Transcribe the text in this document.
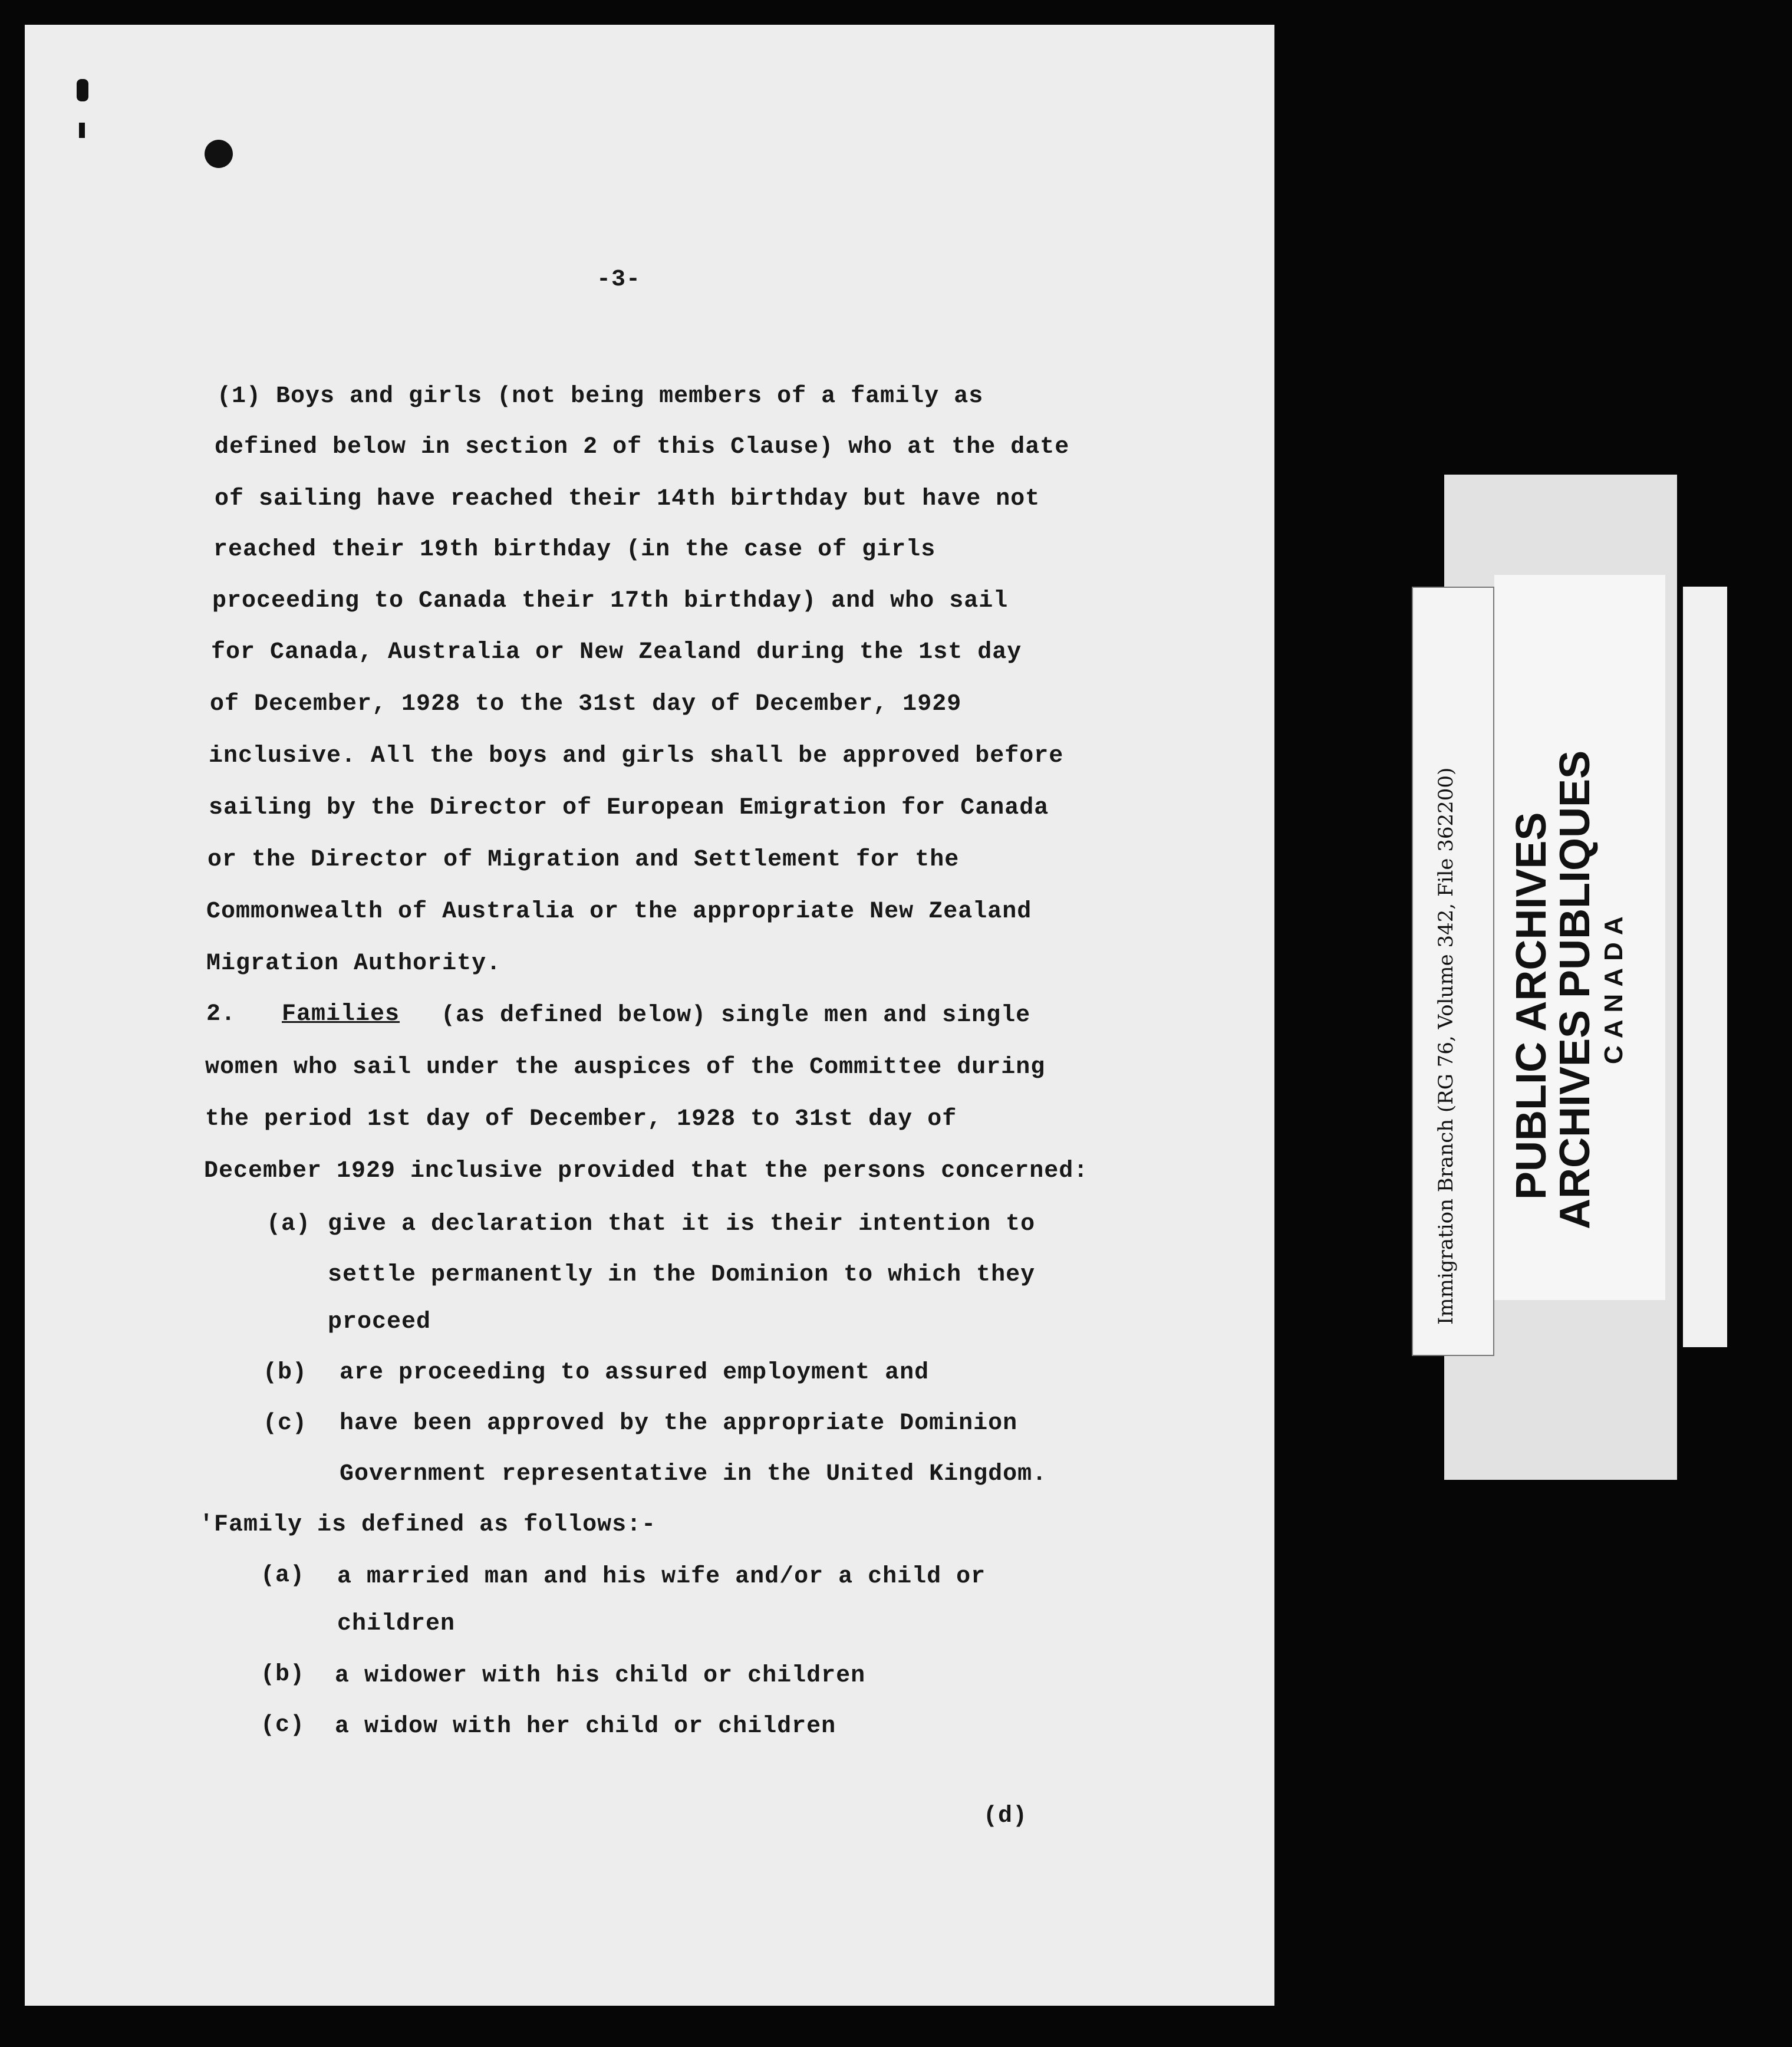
-3-
(1) Boys and girls (not being members of a family as
defined below in section 2 of this Clause) who at the date
of sailing have reached their 14th birthday but have not
reached their 19th birthday (in the case of girls
proceeding to Canada their 17th birthday) and who sail
for Canada, Australia or New Zealand during the 1st day
of December, 1928 to the 31st day of December, 1929
inclusive. All the boys and girls shall be approved before
sailing by the Director of European Emigration for Canada
or the Director of Migration and Settlement for the
Commonwealth of Australia or the appropriate New Zealand
Migration Authority.
2. Families (as defined below) single men and single
women who sail under the auspices of the Committee during
the period 1st day of December, 1928 to 31st day of
December 1929 inclusive provided that the persons concerned:
(a) give a declaration that it is their intention to
settle permanently in the Dominion to which they
proceed
(b) are proceeding to assured employment and
(c) have been approved by the appropriate Dominion
Government representative in the United Kingdom.
'Family is defined as follows:-
(a) a married man and his wife and/or a child or
children
(b) a widower with his child or children
(c) a widow with her child or children
(d)
Immigration Branch (RG 76, Volume 342, File 362200) PUBLIC ARCHIVES
ARCHIVES PUBLIQUES CANADA
